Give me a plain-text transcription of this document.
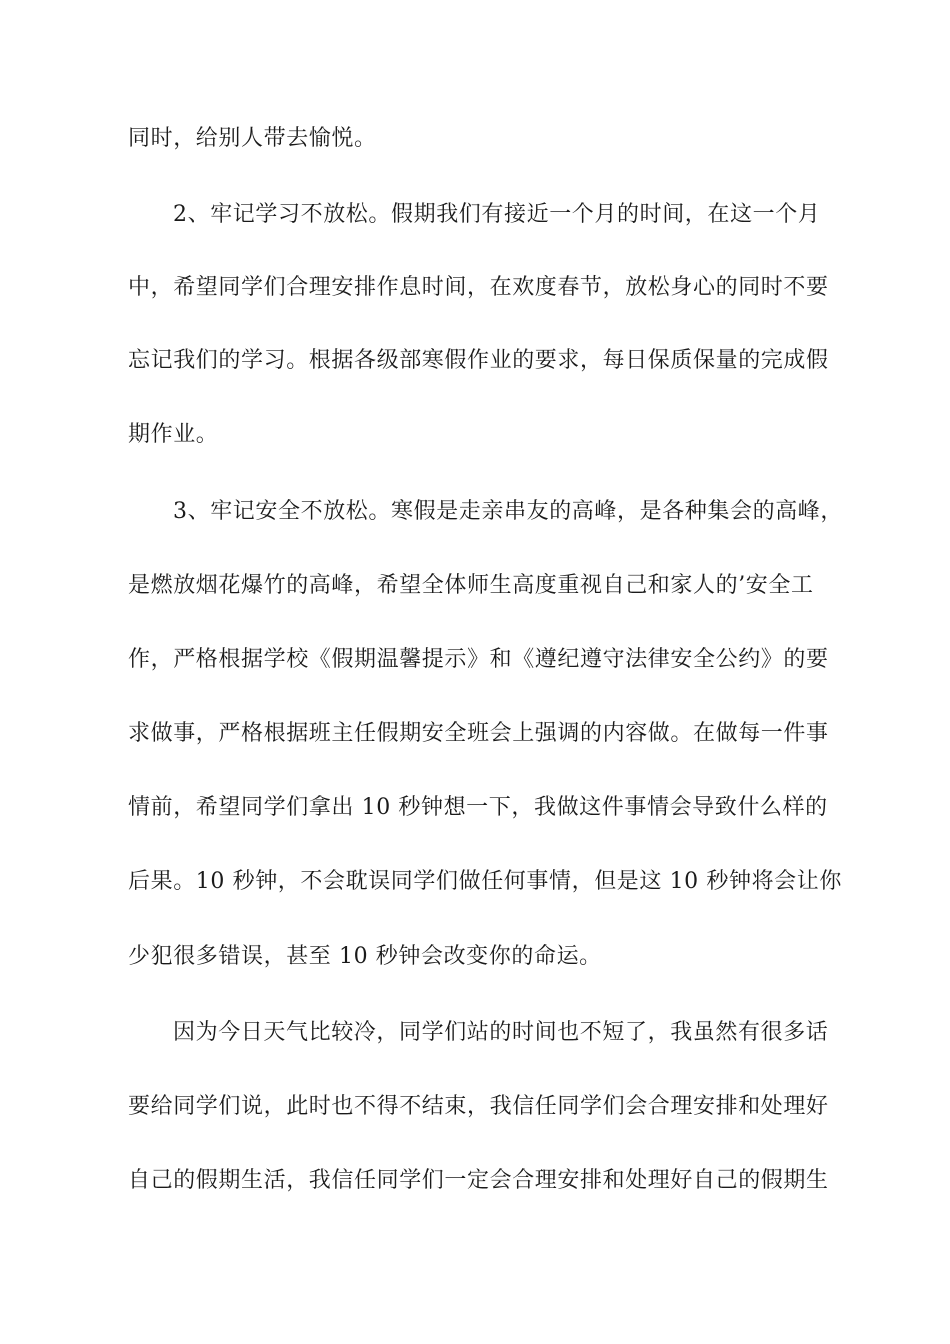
同时，给别人带去愉悦。
2、牢记学习不放松。假期我们有接近一个月的时间，在这一个月
中，希望同学们合理安排作息时间，在欢度春节，放松身心的同时不要
忘记我们的学习。根据各级部寒假作业的要求，每日保质保量的完成假
期作业。
3、牢记安全不放松。寒假是走亲串友的高峰，是各种集会的高峰，
是燃放烟花爆竹的高峰，希望全体师生高度重视自己和家人的’安全工
作，严格根据学校《假期温馨提示》和《遵纪遵守法律安全公约》的要
求做事，严格根据班主任假期安全班会上强调的内容做。在做每一件事
情前，希望同学们拿出 10 秒钟想一下，我做这件事情会导致什么样的
后果。10 秒钟，不会耽误同学们做任何事情，但是这 10 秒钟将会让你
少犯很多错误，甚至 10 秒钟会改变你的命运。
因为今日天气比较冷，同学们站的时间也不短了，我虽然有很多话
要给同学们说，此时也不得不结束，我信任同学们会合理安排和处理好
自己的假期生活，我信任同学们一定会合理安排和处理好自己的假期生
